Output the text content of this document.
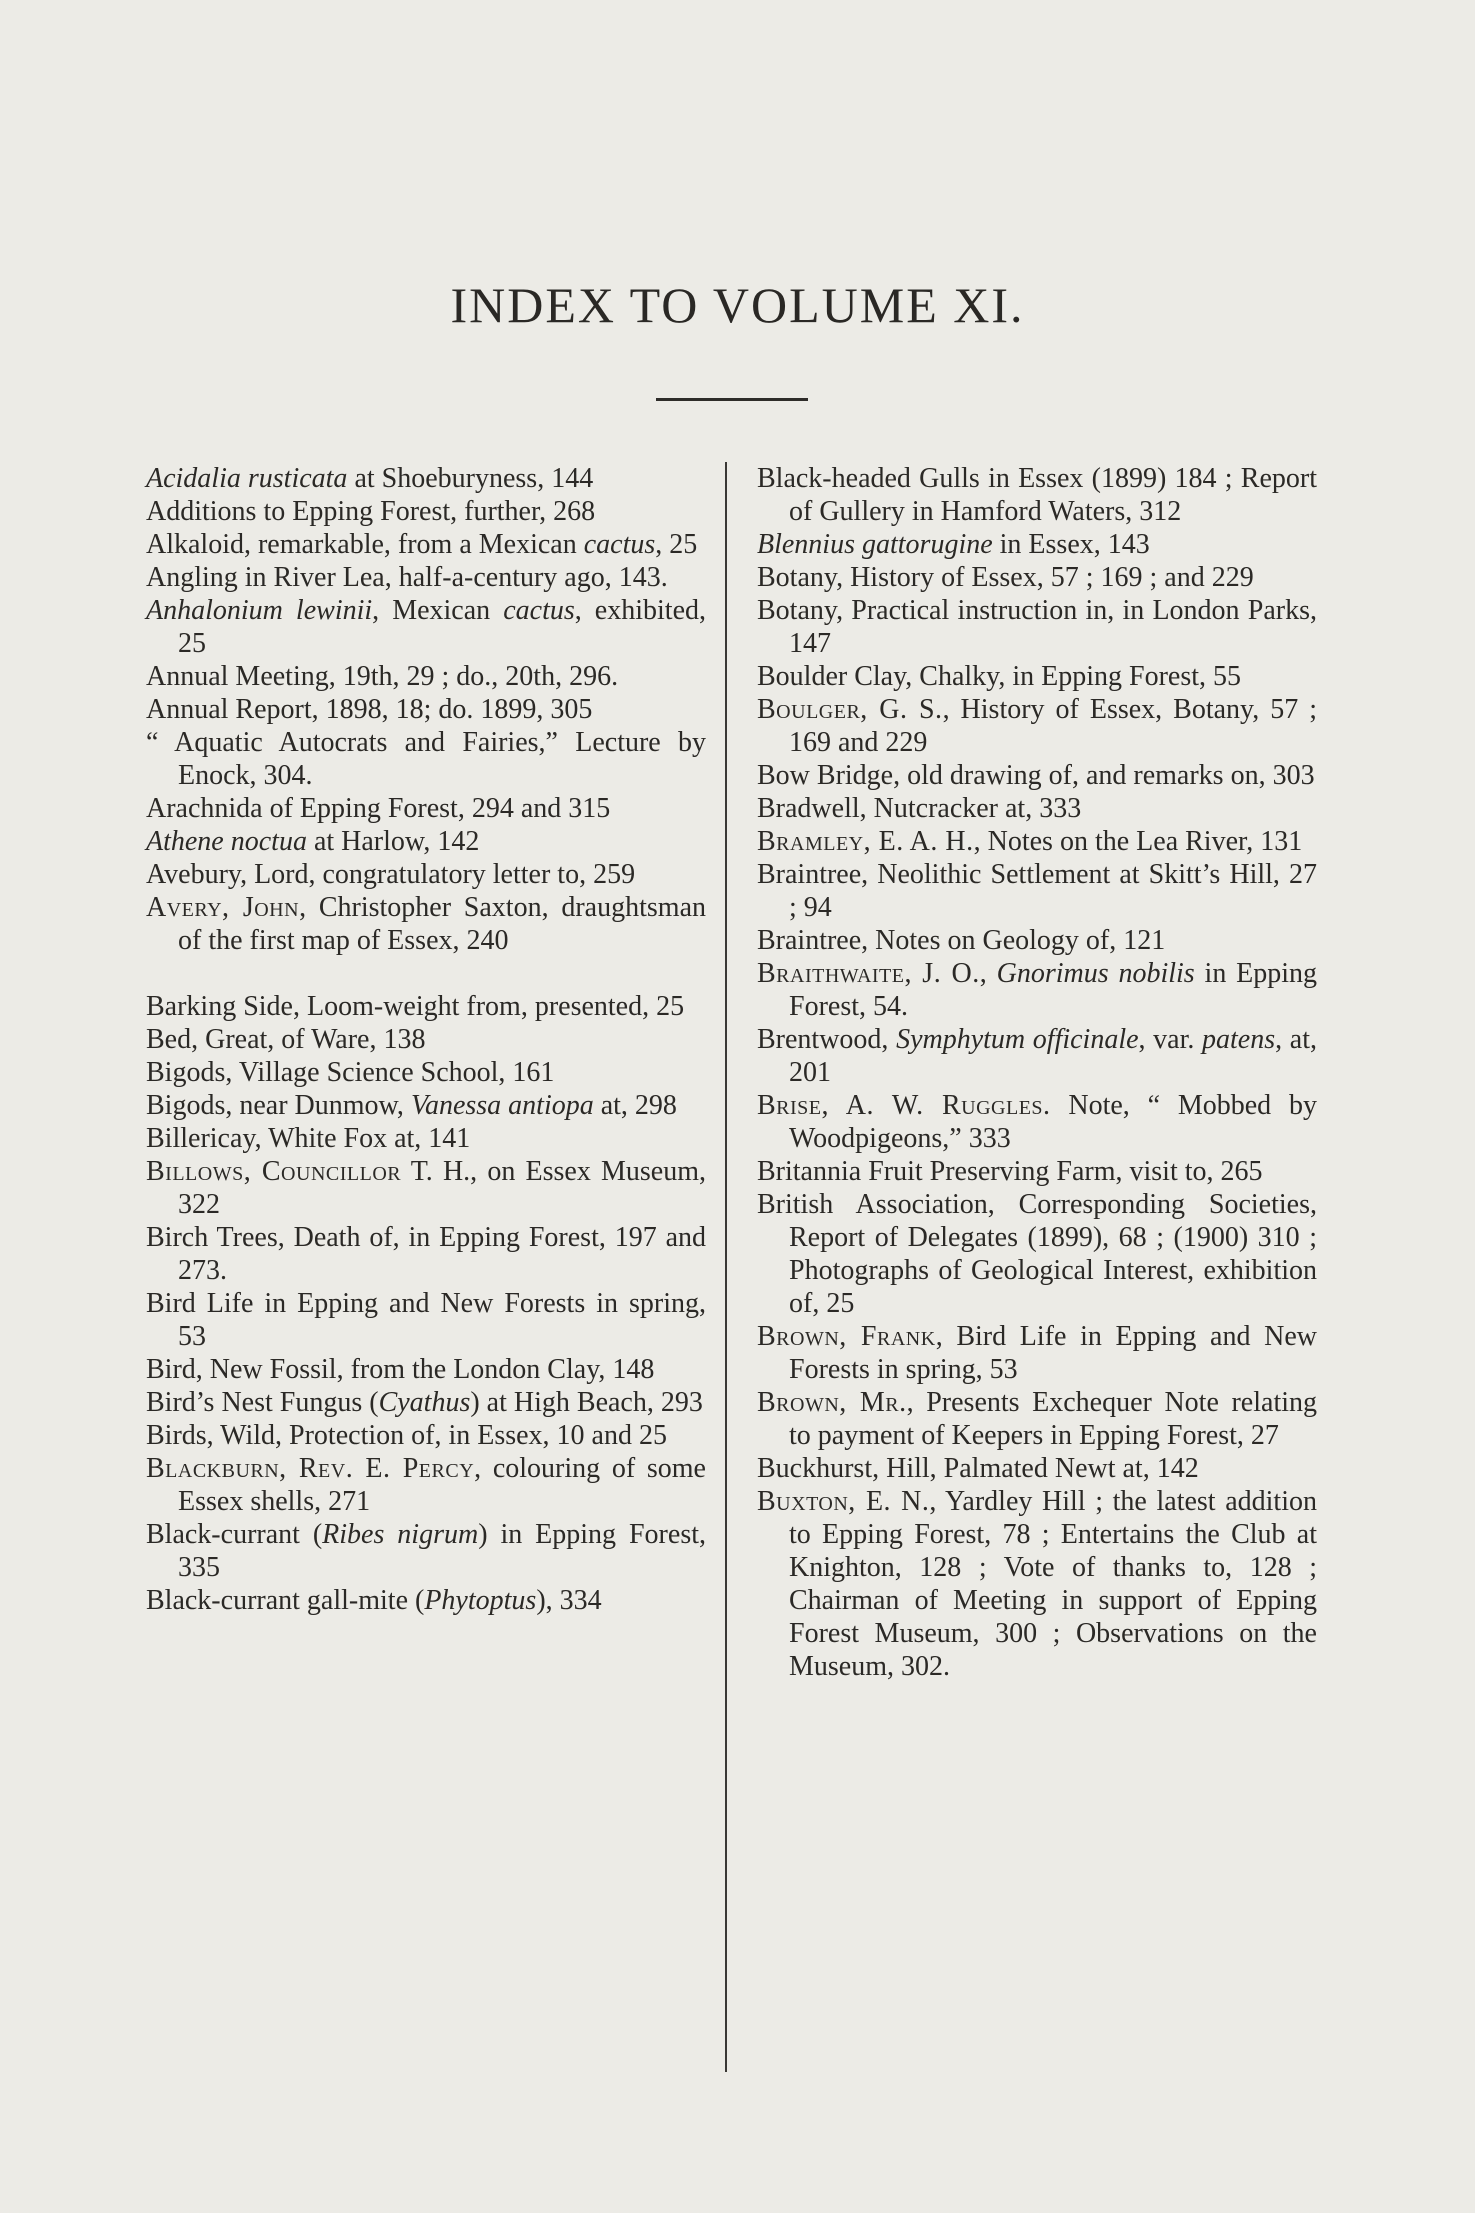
INDEX TO VOLUME XI.
Acidalia rusticata at Shoeburyness, 144
Additions to Epping Forest, further, 268
Alkaloid, remarkable, from a Mexican cactus, 25
Angling in River Lea, half-a-century ago, 143.
Anhalonium lewinii, Mexican cactus, exhibited, 25
Annual Meeting, 19th, 29 ; do., 20th, 296.
Annual Report, 1898, 18; do. 1899, 305
“ Aquatic Autocrats and Fairies,” Lecture by Enock, 304.
Arachnida of Epping Forest, 294 and 315
Athene noctua at Harlow, 142
Avebury, Lord, congratulatory letter to, 259
Avery, John, Christopher Saxton, draughtsman of the first map of Essex, 240
Barking Side, Loom-weight from, presented, 25
Bed, Great, of Ware, 138
Bigods, Village Science School, 161
Bigods, near Dunmow, Vanessa antiopa at, 298
Billericay, White Fox at, 141
Billows, Councillor T. H., on Essex Museum, 322
Birch Trees, Death of, in Epping Forest, 197 and 273.
Bird Life in Epping and New Forests in spring, 53
Bird, New Fossil, from the London Clay, 148
Bird’s Nest Fungus (Cyathus) at High Beach, 293
Birds, Wild, Protection of, in Essex, 10 and 25
Blackburn, Rev. E. Percy, colouring of some Essex shells, 271
Black-currant (Ribes nigrum) in Epping Forest, 335
Black-currant gall-mite (Phytoptus), 334
Black-headed Gulls in Essex (1899) 184 ; Report of Gullery in Hamford Waters, 312
Blennius gattorugine in Essex, 143
Botany, History of Essex, 57 ; 169 ; and 229
Botany, Practical instruction in, in London Parks, 147
Boulder Clay, Chalky, in Epping Forest, 55
Boulger, G. S., History of Essex, Botany, 57 ; 169 and 229
Bow Bridge, old drawing of, and remarks on, 303
Bradwell, Nutcracker at, 333
Bramley, E. A. H., Notes on the Lea River, 131
Braintree, Neolithic Settlement at Skitt’s Hill, 27 ; 94
Braintree, Notes on Geology of, 121
Braithwaite, J. O., Gnorimus nobilis in Epping Forest, 54.
Brentwood, Symphytum officinale, var. patens, at, 201
Brise, A. W. Ruggles. Note, “ Mobbed by Woodpigeons,” 333
Britannia Fruit Preserving Farm, visit to, 265
British Association, Corresponding Societies, Report of Delegates (1899), 68 ; (1900) 310 ; Photographs of Geological Interest, exhibition of, 25
Brown, Frank, Bird Life in Epping and New Forests in spring, 53
Brown, Mr., Presents Exchequer Note relating to payment of Keepers in Epping Forest, 27
Buckhurst, Hill, Palmated Newt at, 142
Buxton, E. N., Yardley Hill ; the latest addition to Epping Forest, 78 ; Entertains the Club at Knighton, 128 ; Vote of thanks to, 128 ; Chairman of Meeting in support of Epping Forest Museum, 300 ; Observations on the Museum, 302.
